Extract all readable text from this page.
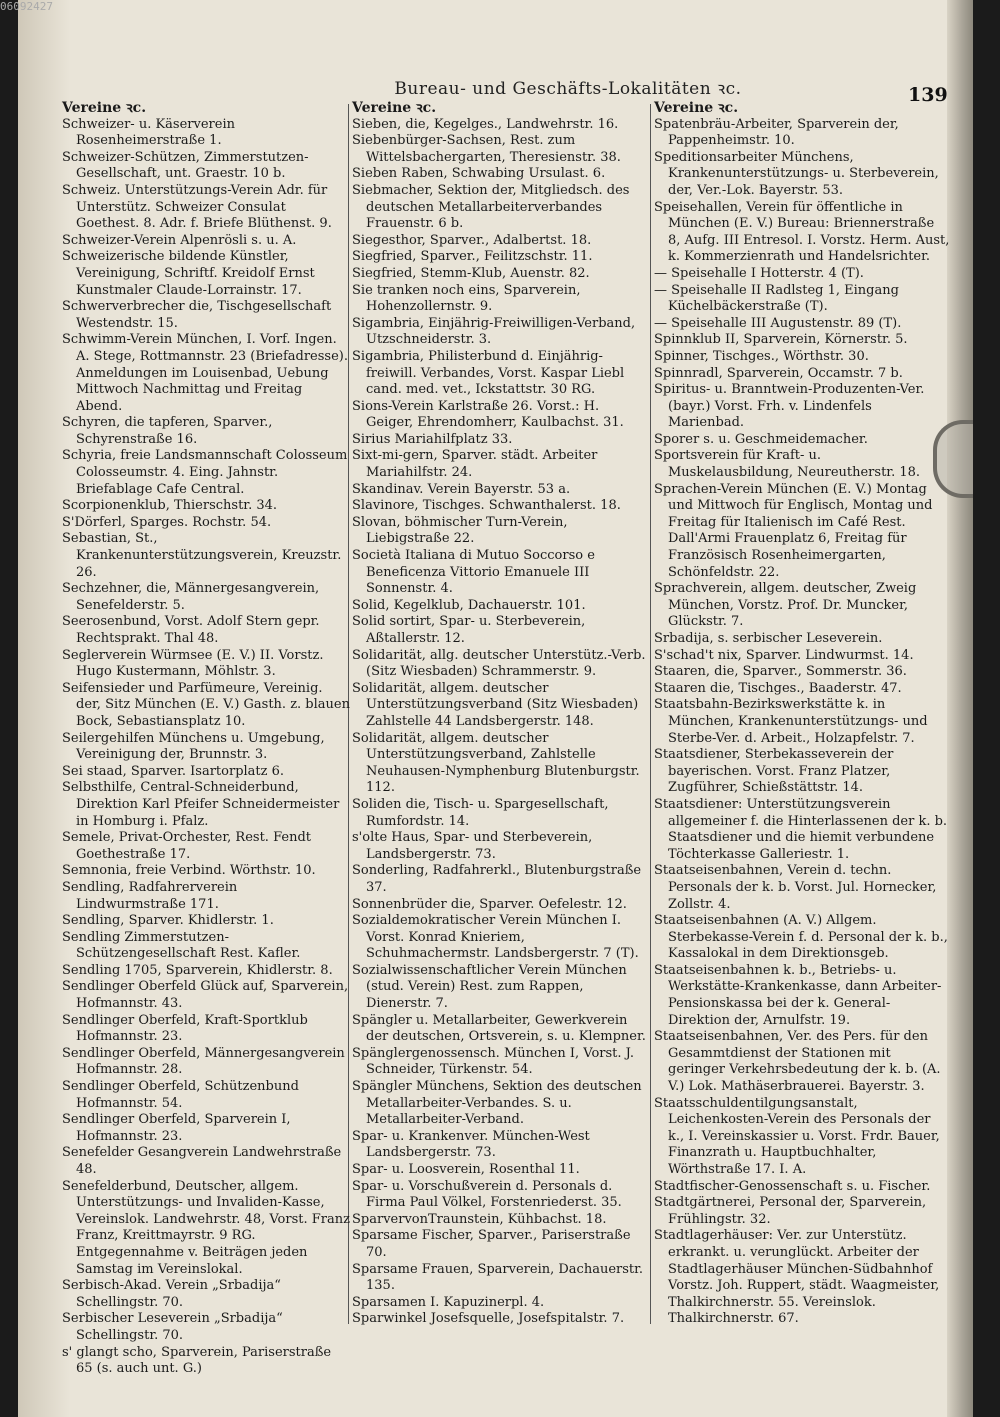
Bureau- und Geschäfts-Lokalitäten ꝛc.	139
Vereine ꝛc.

Schweizer- u. Käserverein Rosenheimerstraße 1.

Schweizer-Schützen, Zimmerstutzen-Gesellschaft, unt. Graestr. 10 b.

Schweiz. Unterstützungs-Verein Adr. für Unterstütz. Schweizer Consulat Goethest. 8. Adr. f. Briefe Blüthenst. 9.

Schweizer-Verein Alpenrösli s. u. A.

Schweizerische bildende Künstler, Vereinigung, Schriftf. Kreidolf Ernst Kunstmaler Claude-Lorrainstr. 17.

Schwerverbrecher die, Tischgesellschaft Westendstr. 15.

Schwimm-Verein München, I. Vorf. Ingen. A. Stege, Rottmannstr. 23 (Briefadresse). Anmeldungen im Louisenbad, Uebung Mittwoch Nachmittag und Freitag Abend.

Schyren, die tapferen, Sparver., Schyrenstraße 16.

Schyria, freie Landsmannschaft Colosseum Colosseumstr. 4. Eing. Jahnstr. Briefablage Cafe Central.

Scorpionenklub, Thierschstr. 34.

S'Dörferl, Sparges. Rochstr. 54.

Sebastian, St., Krankenunterstützungsverein, Kreuzstr. 26.

Sechzehner, die, Männergesangverein, Senefelderstr. 5.

Seerosenbund, Vorst. Adolf Stern gepr. Rechtsprakt. Thal 48.

Seglerverein Würmsee (E. V.) II. Vorstz. Hugo Kustermann, Möhlstr. 3.

Seifensieder und Parfümeure, Vereinig. der, Sitz München (E. V.) Gasth. z. blauen Bock, Sebastiansplatz 10.

Seilergehilfen Münchens u. Umgebung, Vereinigung der, Brunnstr. 3.

Sei staad, Sparver. Isartorplatz 6.

Selbsthilfe, Central-Schneiderbund, Direktion Karl Pfeifer Schneidermeister in Homburg i. Pfalz.

Semele, Privat-Orchester, Rest. Fendt Goethestraße 17.

Semnonia, freie Verbind. Wörthstr. 10.

Sendling, Radfahrerverein Lindwurmstraße 171.

Sendling, Sparver. Khidlerstr. 1.

Sendling Zimmerstutzen-Schützengesellschaft Rest. Kafler.

Sendling 1705, Sparverein, Khidlerstr. 8.

Sendlinger Oberfeld Glück auf, Sparverein, Hofmannstr. 43.

Sendlinger Oberfeld, Kraft-Sportklub Hofmannstr. 23.

Sendlinger Oberfeld, Männergesangverein Hofmannstr. 28.

Sendlinger Oberfeld, Schützenbund Hofmannstr. 54.

Sendlinger Oberfeld, Sparverein I, Hofmannstr. 23.

Senefelder Gesangverein Landwehrstraße 48.

Senefelderbund, Deutscher, allgem. Unterstützungs- und Invaliden-Kasse, Vereinslok. Landwehrstr. 48, Vorst. Franz Franz, Kreittmayrstr. 9 RG. Entgegennahme v. Beiträgen jeden Samstag im Vereinslokal.

Serbisch-Akad. Verein „Srbadija“ Schellingstr. 70.

Serbischer Leseverein „Srbadija“ Schellingstr. 70.

s' glangt scho, Sparverein, Pariserstraße 65 (s. auch unt. G.)

Vereine ꝛc.

Sieben, die, Kegelges., Landwehrstr. 16.

Siebenbürger-Sachsen, Rest. zum Wittelsbachergarten, Theresienstr. 38.

Sieben Raben, Schwabing Ursulast. 6.

Siebmacher, Sektion der, Mitgliedsch. des deutschen Metallarbeiterverbandes Frauenstr. 6 b.

Siegesthor, Sparver., Adalbertst. 18.

Siegfried, Sparver., Feilitzschstr. 11.

Siegfried, Stemm-Klub, Auenstr. 82.

Sie tranken noch eins, Sparverein, Hohenzollernstr. 9.

Sigambria, Einjährig-Freiwilligen-Verband, Utzschneiderstr. 3.

Sigambria, Philisterbund d. Einjährig-freiwill. Verbandes, Vorst. Kaspar Liebl cand. med. vet., Ickstattstr. 30 RG.

Sions-Verein Karlstraße 26. Vorst.: H. Geiger, Ehrendomherr, Kaulbachst. 31.

Sirius Mariahilfplatz 33.

Sixt-mi-gern, Sparver. städt. Arbeiter Mariahilfstr. 24.

Skandinav. Verein Bayerstr. 53 a.

Slavinore, Tischges. Schwanthalerst. 18.

Slovan, böhmischer Turn-Verein, Liebigstraße 22.

Società Italiana di Mutuo Soccorso e Beneficenza Vittorio Emanuele III Sonnenstr. 4.

Solid, Kegelklub, Dachauerstr. 101.

Solid sortirt, Spar- u. Sterbeverein, Aßtallerstr. 12.

Solidarität, allg. deutscher Unterstütz.-Verb. (Sitz Wiesbaden) Schrammerstr. 9.

Solidarität, allgem. deutscher Unterstützungsverband (Sitz Wiesbaden) Zahlstelle 44 Landsbergerstr. 148.

Solidarität, allgem. deutscher Unterstützungsverband, Zahlstelle Neuhausen-Nymphenburg Blutenburgstr. 112.

Soliden die, Tisch- u. Spargesellschaft, Rumfordstr. 14.

s'olte Haus, Spar- und Sterbeverein, Landsbergerstr. 73.

Sonderling, Radfahrerkl., Blutenburgstraße 37.

Sonnenbrüder die, Sparver. Oefelestr. 12.

Sozialdemokratischer Verein München I. Vorst. Konrad Knieriem, Schuhmachermstr. Landsbergerstr. 7 (T).

Sozialwissenschaftlicher Verein München (stud. Verein) Rest. zum Rappen, Dienerstr. 7.

Spängler u. Metallarbeiter, Gewerkverein der deutschen, Ortsverein, s. u. Klempner.

Spänglergenossensch. München I, Vorst. J. Schneider, Türkenstr. 54.

Spängler Münchens, Sektion des deutschen Metallarbeiter-Verbandes. S. u. Metallarbeiter-Verband.

Spar- u. Krankenver. München-West Landsbergerstr. 73.

Spar- u. Loosverein, Rosenthal 11.

Spar- u. Vorschußverein d. Personals d. Firma Paul Völkel, Forstenriederst. 35.

SparvervonTraunstein, Kühbachst. 18.

Sparsame Fischer, Sparver., Pariserstraße 70.

Sparsame Frauen, Sparverein, Dachauerstr. 135.

Sparsamen I. Kapuzinerpl. 4.

Sparwinkel Josefsquelle, Josefspitalstr. 7.

Vereine ꝛc.

Spatenbräu-Arbeiter, Sparverein der, Pappenheimstr. 10.

Speditionsarbeiter Münchens, Krankenunterstützungs- u. Sterbeverein, der, Ver.-Lok. Bayerstr. 53.

Speisehallen, Verein für öffentliche in München (E. V.) Bureau: Briennerstraße 8, Aufg. III Entresol. I. Vorstz. Herm. Aust, k. Kommerzienrath und Handelsrichter.

— Speisehalle I Hotterstr. 4 (T).

— Speisehalle II Radlsteg 1, Eingang Küchelbäckerstraße (T).

— Speisehalle III Augustenstr. 89 (T).

Spinnklub II, Sparverein, Körnerstr. 5.

Spinner, Tischges., Wörthstr. 30.

Spinnradl, Sparverein, Occamstr. 7 b.

Spiritus- u. Branntwein-Produzenten-Ver. (bayr.) Vorst. Frh. v. Lindenfels Marienbad.

Sporer s. u. Geschmeidemacher.

Sportsverein für Kraft- u. Muskelausbildung, Neureutherstr. 18.

Sprachen-Verein München (E. V.) Montag und Mittwoch für Englisch, Montag und Freitag für Italienisch im Café Rest. Dall'Armi Frauenplatz 6, Freitag für Französisch Rosenheimergarten, Schönfeldstr. 22.

Sprachverein, allgem. deutscher, Zweig München, Vorstz. Prof. Dr. Muncker, Glückstr. 7.

Srbadija, s. serbischer Leseverein.

S'schad't nix, Sparver. Lindwurmst. 14.

Staaren, die, Sparver., Sommerstr. 36.

Staaren die, Tischges., Baaderstr. 47.

Staatsbahn-Bezirkswerkstätte k. in München, Krankenunterstützungs- und Sterbe-Ver. d. Arbeit., Holzapfelstr. 7.

Staatsdiener, Sterbekasseverein der bayerischen. Vorst. Franz Platzer, Zugführer, Schießstättstr. 14.

Staatsdiener: Unterstützungsverein allgemeiner f. die Hinterlassenen der k. b. Staatsdiener und die hiemit verbundene Töchterkasse Galleriestr. 1.

Staatseisenbahnen, Verein d. techn. Personals der k. b. Vorst. Jul. Hornecker, Zollstr. 4.

Staatseisenbahnen (A. V.) Allgem. Sterbekasse-Verein f. d. Personal der k. b., Kassalokal in dem Direktionsgeb.

Staatseisenbahnen k. b., Betriebs- u. Werkstätte-Krankenkasse, dann Arbeiter-Pensionskassa bei der k. General-Direktion der, Arnulfstr. 19.

Staatseisenbahnen, Ver. des Pers. für den Gesammtdienst der Stationen mit geringer Verkehrsbedeutung der k. b. (A. V.) Lok. Mathäserbrauerei. Bayerstr. 3.

Staatsschuldentilgungsanstalt, Leichenkosten-Verein des Personals der k., I. Vereinskassier u. Vorst. Frdr. Bauer, Finanzrath u. Hauptbuchhalter, Wörthstraße 17. I. A.

Stadtfischer-Genossenschaft s. u. Fischer.

Stadtgärtnerei, Personal der, Sparverein, Frühlingstr. 32.

Stadtlagerhäuser: Ver. zur Unterstütz. erkrankt. u. verunglückt. Arbeiter der Stadtlagerhäuser München-Südbahnhof Vorstz. Joh. Ruppert, städt. Waagmeister, Thalkirchnerstr. 55. Vereinslok. Thalkirchnerstr. 67.

06092427
